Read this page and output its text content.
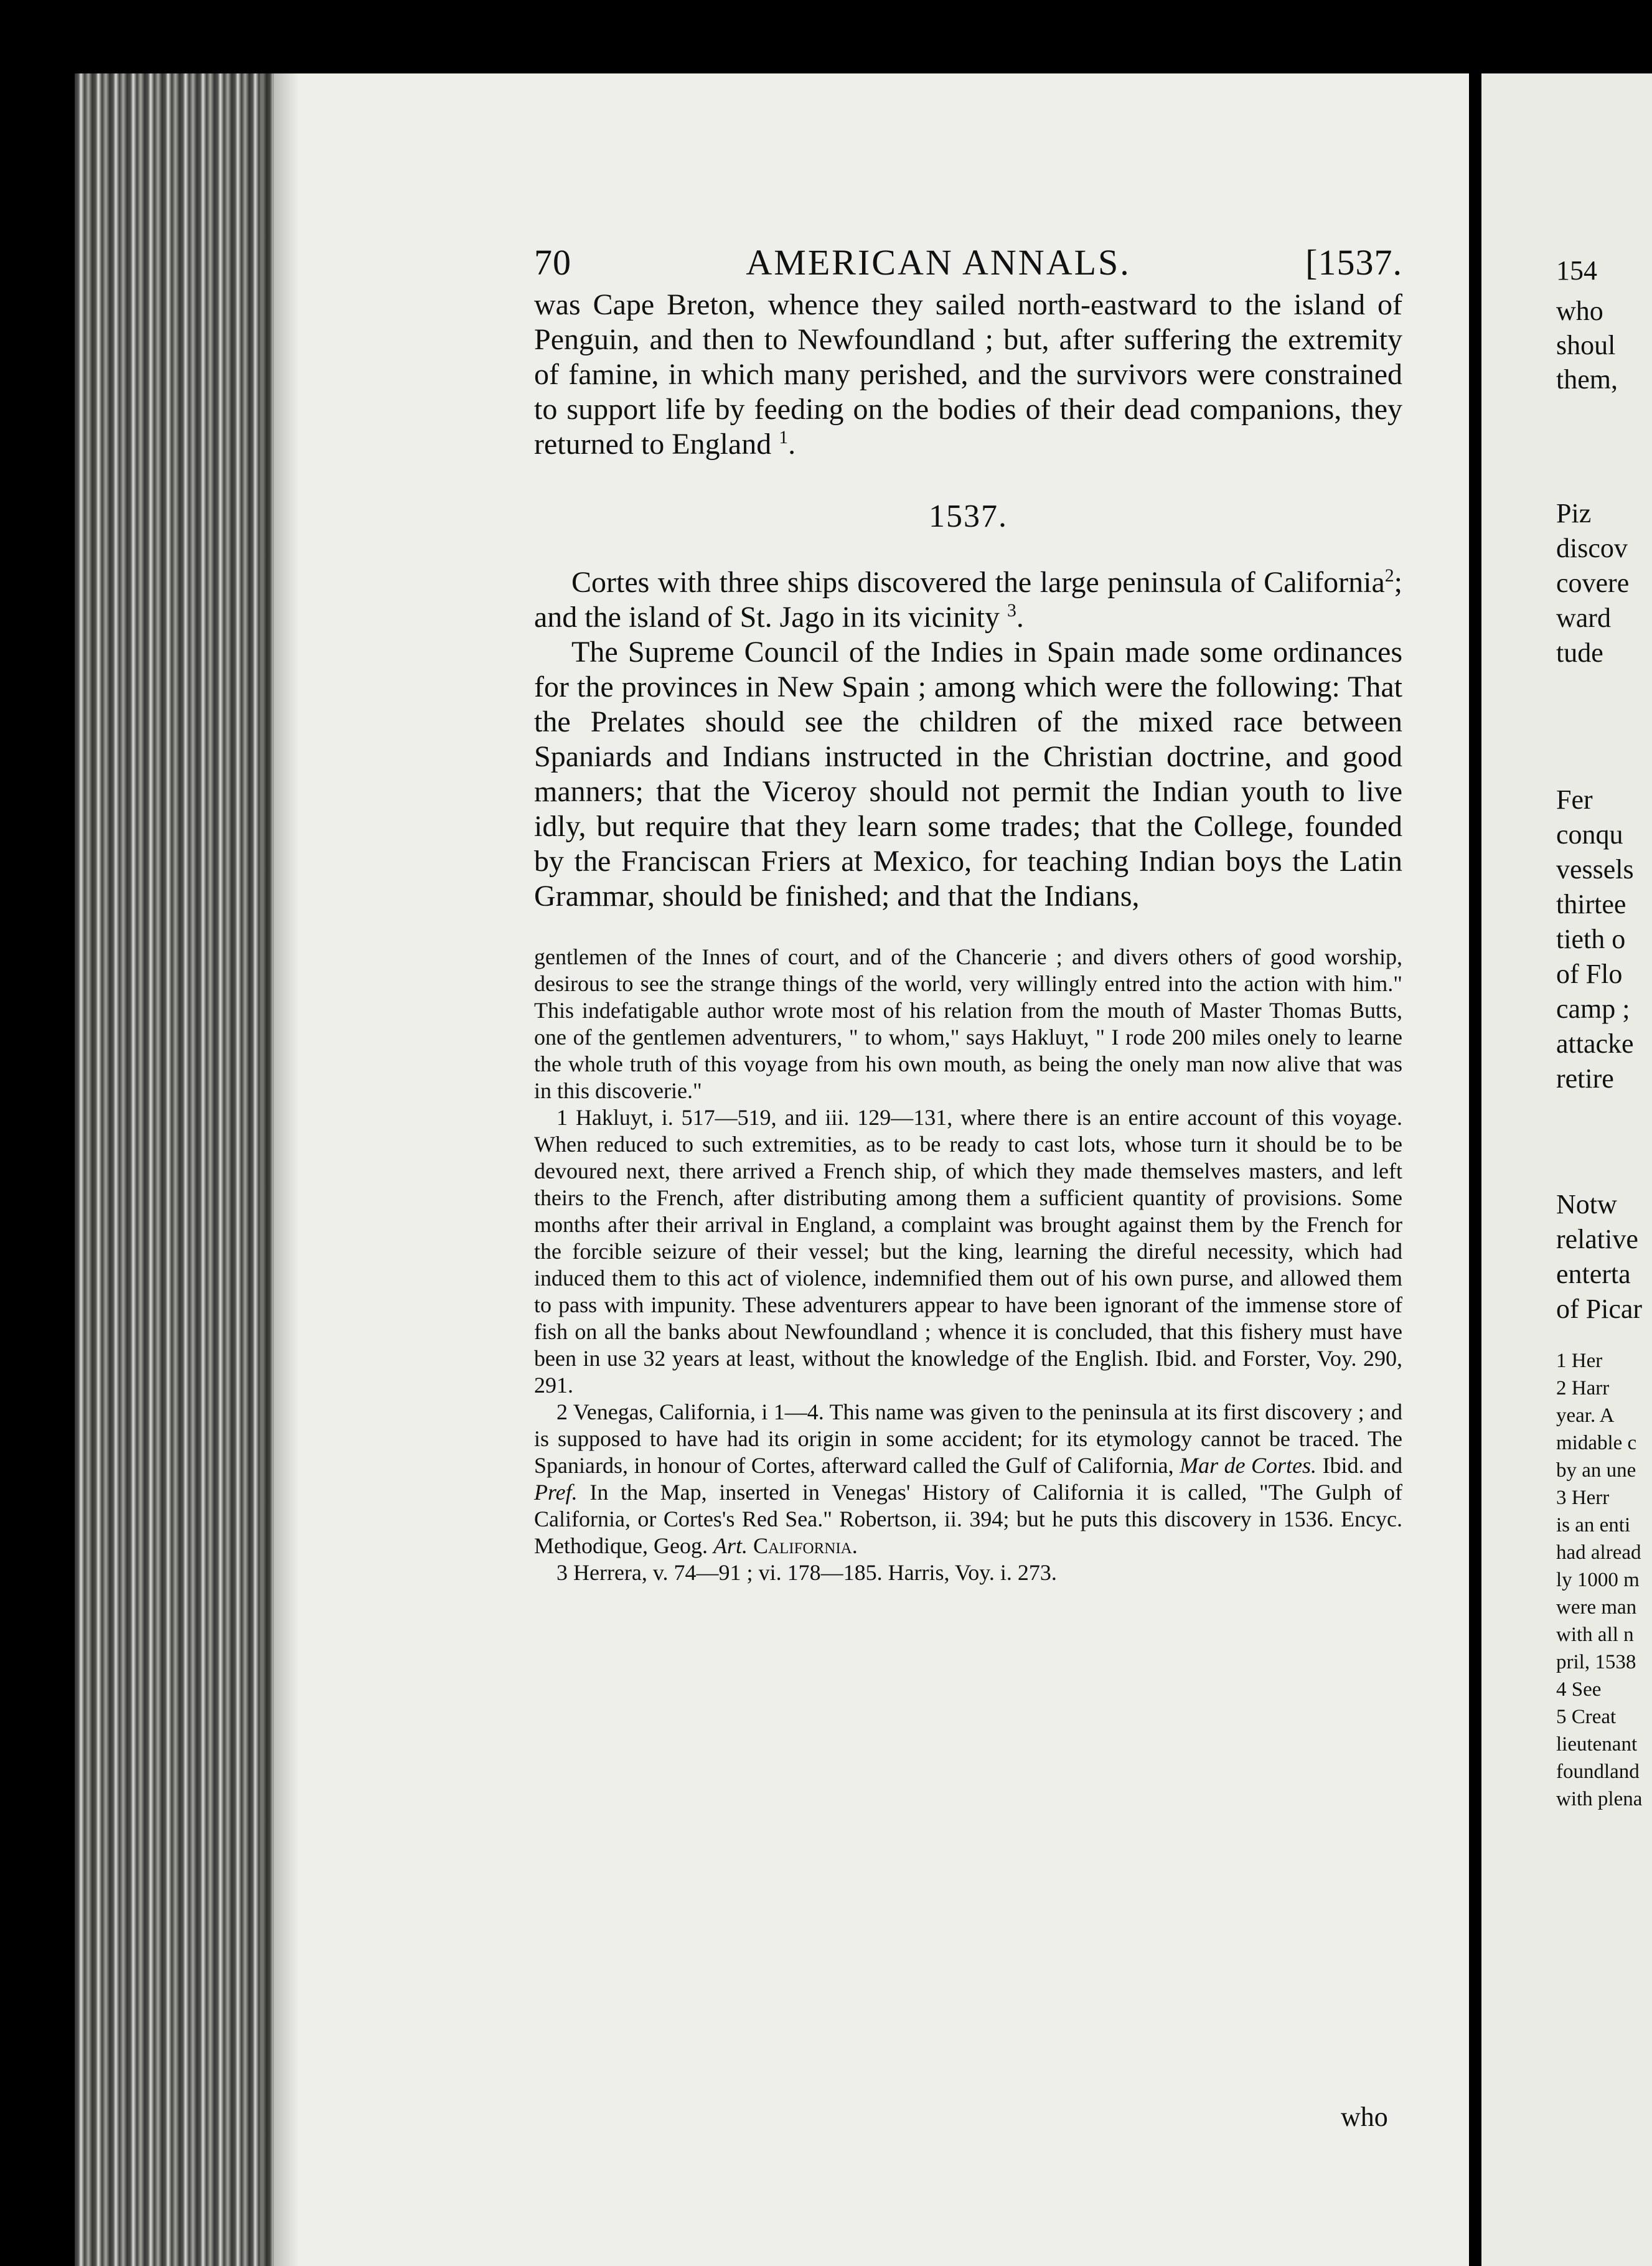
154
who
shoul
them,
Piz
discov
covere
ward
tude
Fer
conqu
vessels
thirtee
tieth o
of Flo
camp ;
attacke
retire
Notw
relative
enterta
of Picar
1 Her
2 Harr
year. A
midable c
by an une
3 Herr
is an enti
had alread
ly 1000 m
were man
with all n
pril, 1538
4 See
5 Creat
lieutenant
foundland
with plena
70	AMERICAN ANNALS.	[1537.

was Cape Breton, whence they sailed north-eastward to the island of Penguin, and then to Newfoundland ; but, after suffering the extremity of famine, in which many perished, and the survivors were constrained to support life by feeding on the bodies of their dead companions, they returned to England $^1$.

1537.

Cortes with three ships discovered the large peninsula of California$^2$; and the island of St. Jago in its vicinity $^3$.

The Supreme Council of the Indies in Spain made some ordinances for the provinces in New Spain ; among which were the following: That the Prelates should see the children of the mixed race between Spaniards and Indians instructed in the Christian doctrine, and good manners; that the Viceroy should not permit the Indian youth to live idly, but require that they learn some trades; that the College, founded by the Franciscan Friers at Mexico, for teaching Indian boys the Latin Grammar, should be finished; and that the Indians,

gentlemen of the Innes of court, and of the Chancerie ; and divers others of good worship, desirous to see the strange things of the world, very willingly entred into the action with him." This indefatigable author wrote most of his relation from the mouth of Master Thomas Butts, one of the gentlemen adventurers, " to whom," says Hakluyt, " I rode 200 miles onely to learne the whole truth of this voyage from his own mouth, as being the onely man now alive that was in this discoverie."

1 Hakluyt, i. 517—519, and iii. 129—131, where there is an entire account of this voyage. When reduced to such extremities, as to be ready to cast lots, whose turn it should be to be devoured next, there arrived a French ship, of which they made themselves masters, and left theirs to the French, after distributing among them a sufficient quantity of provisions. Some months after their arrival in England, a complaint was brought against them by the French for the forcible seizure of their vessel; but the king, learning the direful necessity, which had induced them to this act of violence, indemnified them out of his own purse, and allowed them to pass with impunity. These adventurers appear to have been ignorant of the immense store of fish on all the banks about Newfoundland ; whence it is concluded, that this fishery must have been in use 32 years at least, without the knowledge of the English. Ibid. and Forster, Voy. 290, 291.

2 Venegas, California, i 1—4. This name was given to the peninsula at its first discovery ; and is supposed to have had its origin in some accident; for its etymology cannot be traced. The Spaniards, in honour of Cortes, afterward called the Gulf of California, Mar de Cortes. Ibid. and Pref. In the Map, inserted in Venegas' History of California it is called, "The Gulph of California, or Cortes's Red Sea." Robertson, ii. 394; but he puts this discovery in 1536. Encyc. Methodique, Geog. Art. California.

3 Herrera, v. 74—91 ; vi. 178—185. Harris, Voy. i. 273.

who
